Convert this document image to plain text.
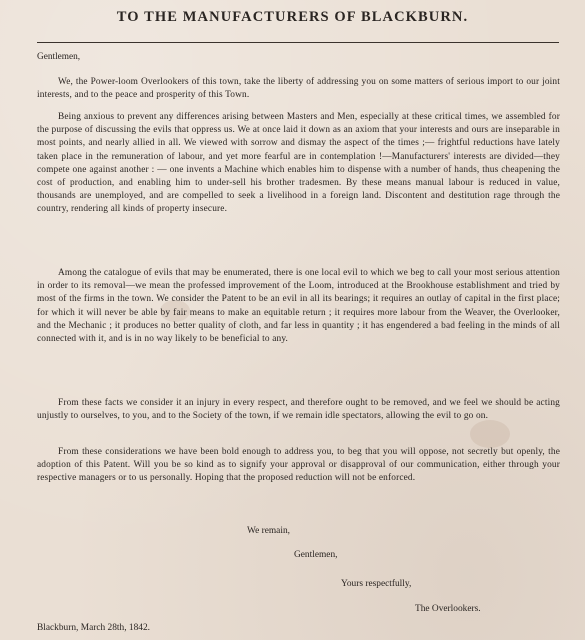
TO THE MANUFACTURERS OF BLACKBURN.
Gentlemen,
We, the Power-loom Overlookers of this town, take the liberty of addressing you on some matters of serious import to our joint interests, and to the peace and prosperity of this Town.
Being anxious to prevent any differences arising between Masters and Men, especially at these critical times, we assembled for the purpose of discussing the evils that oppress us. We at once laid it down as an axiom that your interests and ours are inseparable in most points, and nearly allied in all. We viewed with sorrow and dismay the aspect of the times ;— frightful reductions have lately taken place in the remuneration of labour, and yet more fearful are in contemplation !—Manufacturers' interests are divided—they compete one against another : — one invents a Machine which enables him to dispense with a number of hands, thus cheapening the cost of production, and enabling him to under-sell his brother tradesmen. By these means manual labour is reduced in value, thousands are unemployed, and are compelled to seek a livelihood in a foreign land. Discontent and destitution rage through the country, rendering all kinds of property insecure.
Among the catalogue of evils that may be enumerated, there is one local evil to which we beg to call your most serious attention in order to its removal—we mean the professed improvement of the Loom, introduced at the Brookhouse establishment and tried by most of the firms in the town. We consider the Patent to be an evil in all its bearings; it requires an outlay of capital in the first place; for which it will never be able by fair means to make an equitable return ; it requires more labour from the Weaver, the Overlooker, and the Mechanic ; it produces no better quality of cloth, and far less in quantity ; it has engendered a bad feeling in the minds of all connected with it, and is in no way likely to be beneficial to any.
From these facts we consider it an injury in every respect, and therefore ought to be removed, and we feel we should be acting unjustly to ourselves, to you, and to the Society of the town, if we remain idle spectators, allowing the evil to go on.
From these considerations we have been bold enough to address you, to beg that you will oppose, not secretly but openly, the adoption of this Patent. Will you be so kind as to signify your approval or disapproval of our communication, either through your respective managers or to us personally. Hoping that the proposed reduction will not be enforced.
We remain,
Gentlemen,
Yours respectfully,
The Overlookers.
Blackburn, March 28th, 1842.
